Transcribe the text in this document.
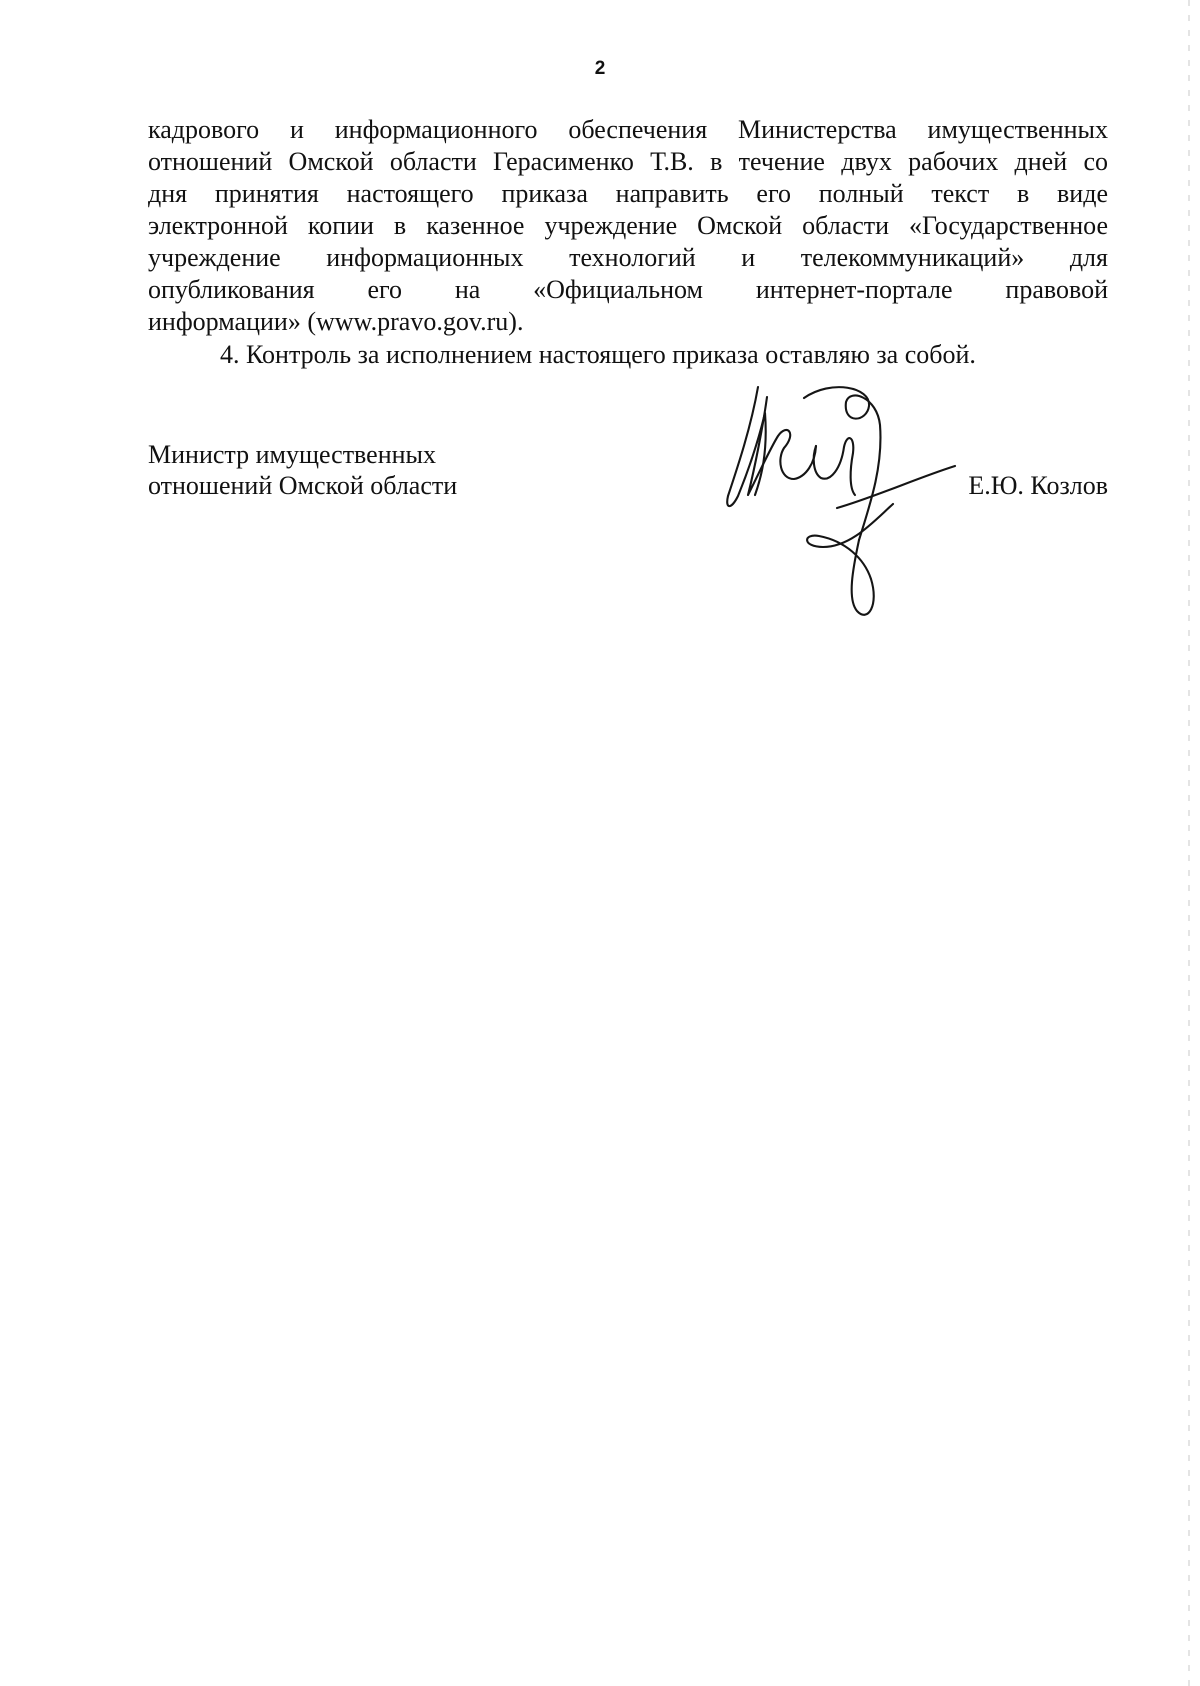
2
кадрового и информационного обеспечения Министерства имущественных
отношений Омской области Герасименко Т.В. в течение двух рабочих дней со
дня принятия настоящего приказа направить его полный текст в виде
электронной копии в казенное учреждение Омской области «Государственное
учреждение информационных технологий и телекоммуникаций» для
опубликования его на «Официальном интернет-портале правовой
информации» (www.pravo.gov.ru).
4. Контроль за исполнением настоящего приказа оставляю за собой.
Министр имущественных
отношений Омской области	Е.Ю. Козлов
